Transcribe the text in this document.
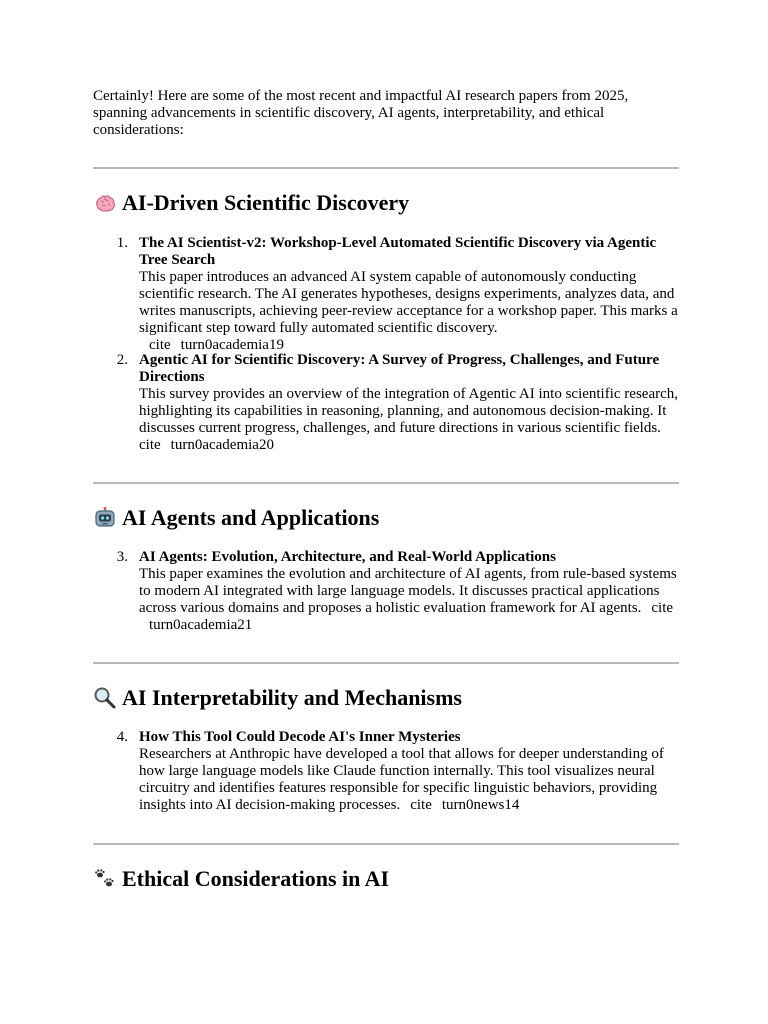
Certainly! Here are some of the most recent and impactful AI research papers from 2025, spanning advancements in scientific discovery, AI agents, interpretability, and ethical considerations:

AI-Driven Scientific Discovery
1. The AI Scientist-v2: Workshop-Level Automated Scientific Discovery via Agentic Tree Search
This paper introduces an advanced AI system capable of autonomously conducting scientific research. The AI generates hypotheses, designs experiments, analyzes data, and writes manuscripts, achieving peer-review acceptance for a workshop paper. This marks a significant step toward fully automated scientific discovery.
cite turn0academia19
2. Agentic AI for Scientific Discovery: A Survey of Progress, Challenges, and Future Directions
This survey provides an overview of the integration of Agentic AI into scientific research, highlighting its capabilities in reasoning, planning, and autonomous decision-making. It discusses current progress, challenges, and future directions in various scientific fields.cite turn0academia20
AI Agents and Applications
3. AI Agents: Evolution, Architecture, and Real-World Applications
This paper examines the evolution and architecture of AI agents, from rule-based systems to modern AI integrated with large language models. It discusses practical applications across various domains and proposes a holistic evaluation framework for AI agents. citeturn0academia21
AI Interpretability and Mechanisms
4. How This Tool Could Decode AI's Inner Mysteries
Researchers at Anthropic have developed a tool that allows for deeper understanding of how large language models like Claude function internally. This tool visualizes neural circuitry and identifies features responsible for specific linguistic behaviors, providing insights into AI decision-making processes. cite turn0news14
Ethical Considerations in AI
